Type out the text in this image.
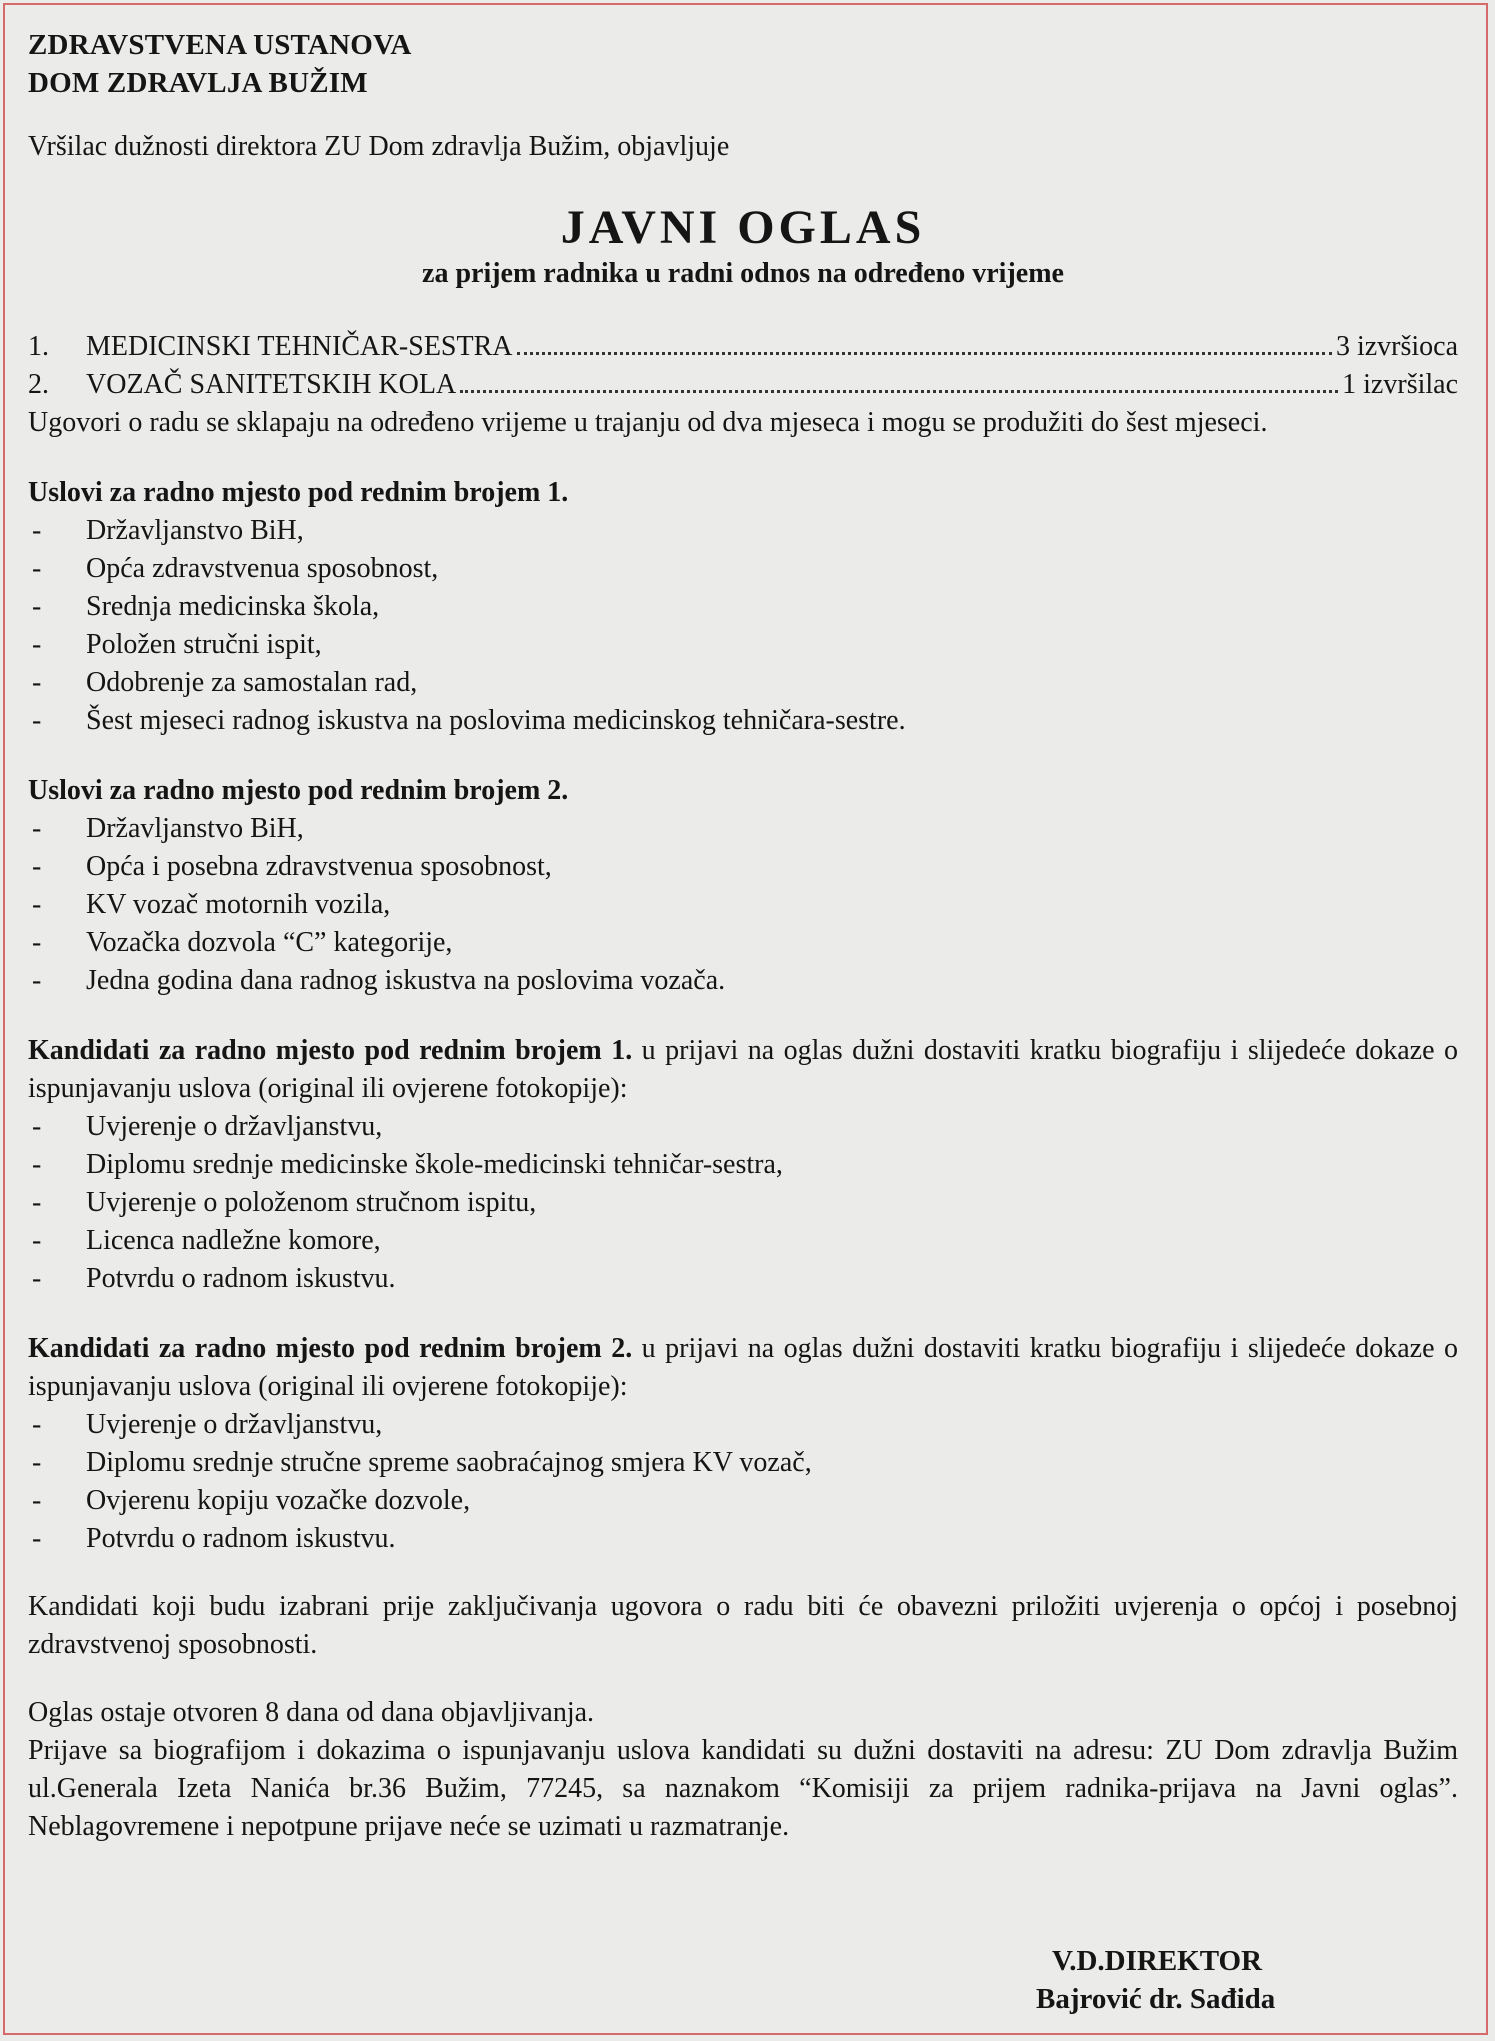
ZDRAVSTVENA USTANOVA
DOM ZDRAVLJA BUŽIM
Vršilac dužnosti direktora ZU Dom zdravlja Bužim, objavljuje
JAVNI OGLAS
za prijem radnika u radni odnos na određeno vrijeme
1.	MEDICINSKI TEHNIČAR-SESTRA	3 izvršioca
2.	VOZAČ SANITETSKIH KOLA	1 izvršilac
Ugovori o radu se sklapaju na određeno vrijeme u trajanju od dva mjeseca i mogu se produžiti do šest mjeseci.
Uslovi za radno mjesto pod rednim brojem 1.
-	Državljanstvo BiH,
-	Opća zdravstvenua sposobnost,
-	Srednja medicinska škola,
-	Položen stručni ispit,
-	Odobrenje za samostalan rad,
-	Šest mjeseci radnog iskustva na poslovima medicinskog tehničara-sestre.
Uslovi za radno mjesto pod rednim brojem 2.
-	Državljanstvo BiH,
-	Opća i posebna zdravstvenua sposobnost,
-	KV vozač motornih vozila,
-	Vozačka dozvola “C” kategorije,
-	Jedna godina dana radnog iskustva na poslovima vozača.
Kandidati za radno mjesto pod rednim brojem 1. u prijavi na oglas dužni dostaviti kratku biografiju i slijedeće dokaze o ispunjavanju uslova (original ili ovjerene fotokopije):
-	Uvjerenje o državljanstvu,
-	Diplomu srednje medicinske škole-medicinski tehničar-sestra,
-	Uvjerenje o položenom stručnom ispitu,
-	Licenca nadležne komore,
-	Potvrdu o radnom iskustvu.
Kandidati za radno mjesto pod rednim brojem 2. u prijavi na oglas dužni dostaviti kratku biografiju i slijedeće dokaze o ispunjavanju uslova (original ili ovjerene fotokopije):
-	Uvjerenje o državljanstvu,
-	Diplomu srednje stručne spreme saobraćajnog smjera KV vozač,
-	Ovjerenu kopiju vozačke dozvole,
-	Potvrdu o radnom iskustvu.
Kandidati koji budu izabrani prije zaključivanja ugovora o radu biti će obavezni priložiti uvjerenja o općoj i posebnoj zdravstvenoj sposobnosti.
Oglas ostaje otvoren 8 dana od dana objavljivanja.
Prijave sa biografijom i dokazima o ispunjavanju uslova kandidati su dužni dostaviti na adresu: ZU Dom zdravlja Bužim ul.Generala Izeta Nanića br.36 Bužim, 77245, sa naznakom “Komisiji za prijem radnika-prijava na Javni oglas”. Neblagovremene i nepotpune prijave neće se uzimati u razmatranje.
V.D.DIREKTOR
Bajrović dr. Sađida
